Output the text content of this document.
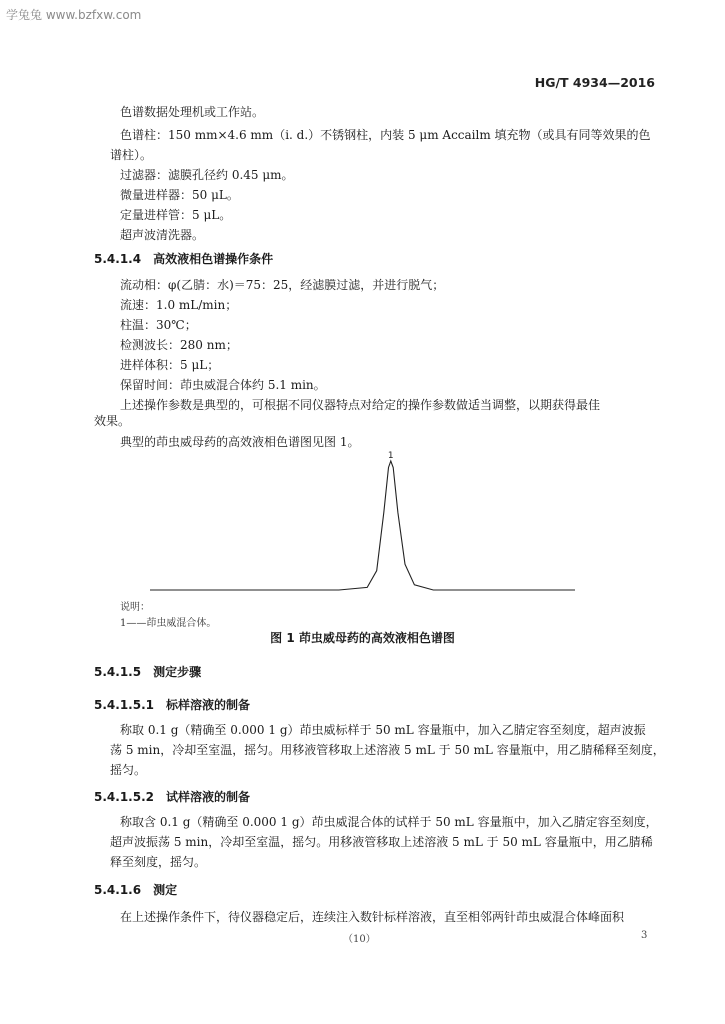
学兔兔 www.bzfxw.com
HG/T 4934—2016
色谱数据处理机或工作站。
色谱柱：150 mm×4.6 mm（i. d.）不锈钢柱，内装 5 μm Accailm 填充物（或具有同等效果的色
谱柱）。
过滤器：滤膜孔径约 0.45 μm。
微量进样器：50 μL。
定量进样管：5 μL。
超声波清洗器。
5.4.1.4 高效液相色谱操作条件
流动相：φ(乙腈：水)＝75：25，经滤膜过滤，并进行脱气；
流速：1.0 mL/min；
柱温：30℃；
检测波长：280 nm；
进样体积：5 μL；
保留时间：茚虫威混合体约 5.1 min。
上述操作参数是典型的，可根据不同仪器特点对给定的操作参数做适当调整，以期获得最佳
效果。
典型的茚虫威母药的高效液相色谱图见图 1。
1
说明：
1——茚虫威混合体。
图 1 茚虫威母药的高效液相色谱图
5.4.1.5 测定步骤
5.4.1.5.1 标样溶液的制备
称取 0.1 g（精确至 0.000 1 g）茚虫威标样于 50 mL 容量瓶中，加入乙腈定容至刻度，超声波振
荡 5 min，冷却至室温，摇匀。用移液管移取上述溶液 5 mL 于 50 mL 容量瓶中，用乙腈稀释至刻度，
摇匀。
5.4.1.5.2 试样溶液的制备
称取含 0.1 g（精确至 0.000 1 g）茚虫威混合体的试样于 50 mL 容量瓶中，加入乙腈定容至刻度，
超声波振荡 5 min，冷却至室温，摇匀。用移液管移取上述溶液 5 mL 于 50 mL 容量瓶中，用乙腈稀
释至刻度，摇匀。
5.4.1.6 测定
在上述操作条件下，待仪器稳定后，连续注入数针标样溶液，直至相邻两针茚虫威混合体峰面积
（10）	3
